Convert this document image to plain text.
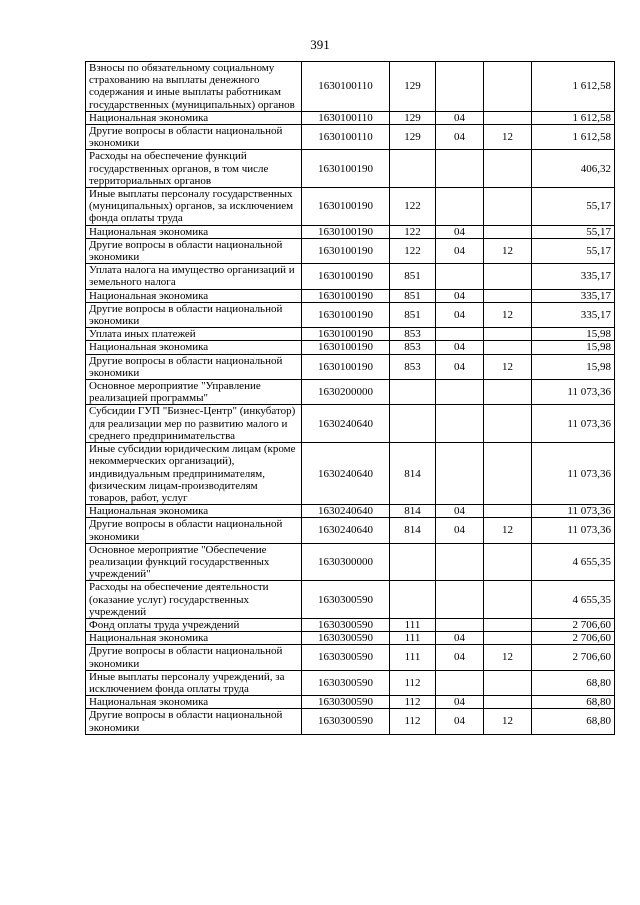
391
Взносы по обязательному социальному страхованию на выплаты денежного содержания и иные выплаты работникам государственных (муниципальных) органов	1630100110	129			1 612,58
Национальная экономика	1630100110	129	04		1 612,58
Другие вопросы в области национальной экономики	1630100110	129	04	12	1 612,58
Расходы на обеспечение функций государственных органов, в том числе территориальных органов	1630100190				406,32
Иные выплаты персоналу государственных (муниципальных) органов, за исключением фонда оплаты труда	1630100190	122			55,17
Национальная экономика	1630100190	122	04		55,17
Другие вопросы в области национальной экономики	1630100190	122	04	12	55,17
Уплата налога на имущество организаций и земельного налога	1630100190	851			335,17
Национальная экономика	1630100190	851	04		335,17
Другие вопросы в области национальной экономики	1630100190	851	04	12	335,17
Уплата иных платежей	1630100190	853			15,98
Национальная экономика	1630100190	853	04		15,98
Другие вопросы в области национальной экономики	1630100190	853	04	12	15,98
Основное мероприятие "Управление реализацией программы"	1630200000				11 073,36
Субсидии ГУП "Бизнес-Центр" (инкубатор) для реализации мер по развитию малого и среднего предпринимательства	1630240640				11 073,36
Иные субсидии юридическим лицам (кроме некоммерческих организаций), индивидуальным предпринимателям, физическим лицам-производителям товаров, работ, услуг	1630240640	814			11 073,36
Национальная экономика	1630240640	814	04		11 073,36
Другие вопросы в области национальной экономики	1630240640	814	04	12	11 073,36
Основное мероприятие "Обеспечение реализации функций государственных учреждений"	1630300000				4 655,35
Расходы на обеспечение деятельности (оказание услуг) государственных учреждений	1630300590				4 655,35
Фонд оплаты труда учреждений	1630300590	111			2 706,60
Национальная экономика	1630300590	111	04		2 706,60
Другие вопросы в области национальной экономики	1630300590	111	04	12	2 706,60
Иные выплаты персоналу учреждений, за исключением фонда оплаты труда	1630300590	112			68,80
Национальная экономика	1630300590	112	04		68,80
Другие вопросы в области национальной экономики	1630300590	112	04	12	68,80
